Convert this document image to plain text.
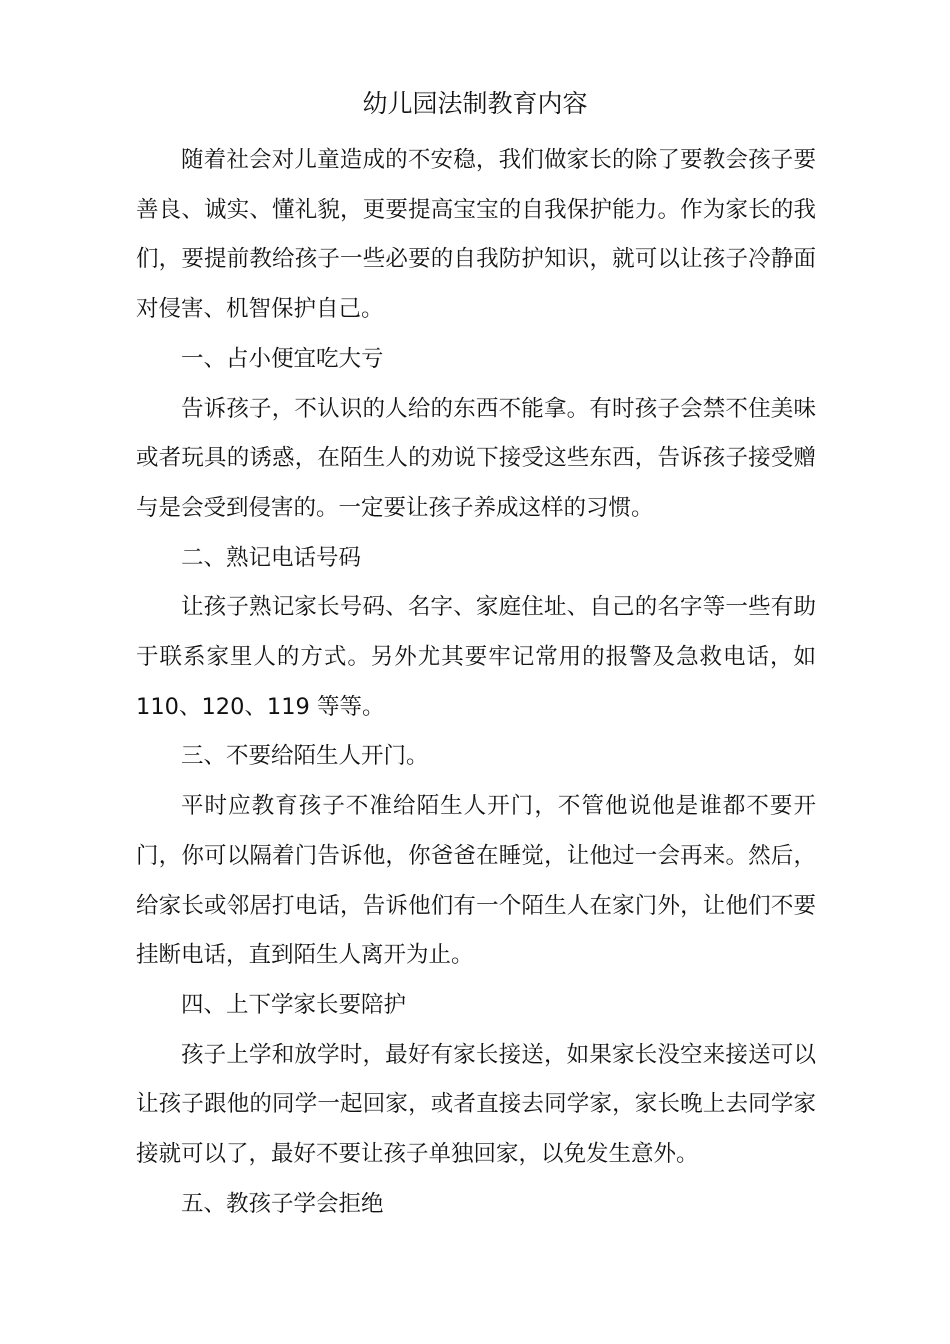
幼儿园法制教育内容

随着社会对儿童造成的不安稳，我们做家长的除了要教会孩子要善良、诚实、懂礼貌，更要提高宝宝的自我保护能力。作为家长的我们，要提前教给孩子一些必要的自我防护知识，就可以让孩子冷静面对侵害、机智保护自己。

一、占小便宜吃大亏

告诉孩子，不认识的人给的东西不能拿。有时孩子会禁不住美味或者玩具的诱惑，在陌生人的劝说下接受这些东西，告诉孩子接受赠与是会受到侵害的。一定要让孩子养成这样的习惯。

二、熟记电话号码

让孩子熟记家长号码、名字、家庭住址、自己的名字等一些有助于联系家里人的方式。另外尤其要牢记常用的报警及急救电话，如110、120、119 等等。

三、不要给陌生人开门。

平时应教育孩子不准给陌生人开门，不管他说他是谁都不要开门，你可以隔着门告诉他，你爸爸在睡觉，让他过一会再来。然后，给家长或邻居打电话，告诉他们有一个陌生人在家门外，让他们不要挂断电话，直到陌生人离开为止。

四、上下学家长要陪护

孩子上学和放学时，最好有家长接送，如果家长没空来接送可以让孩子跟他的同学一起回家，或者直接去同学家，家长晚上去同学家接就可以了，最好不要让孩子单独回家，以免发生意外。

五、教孩子学会拒绝
